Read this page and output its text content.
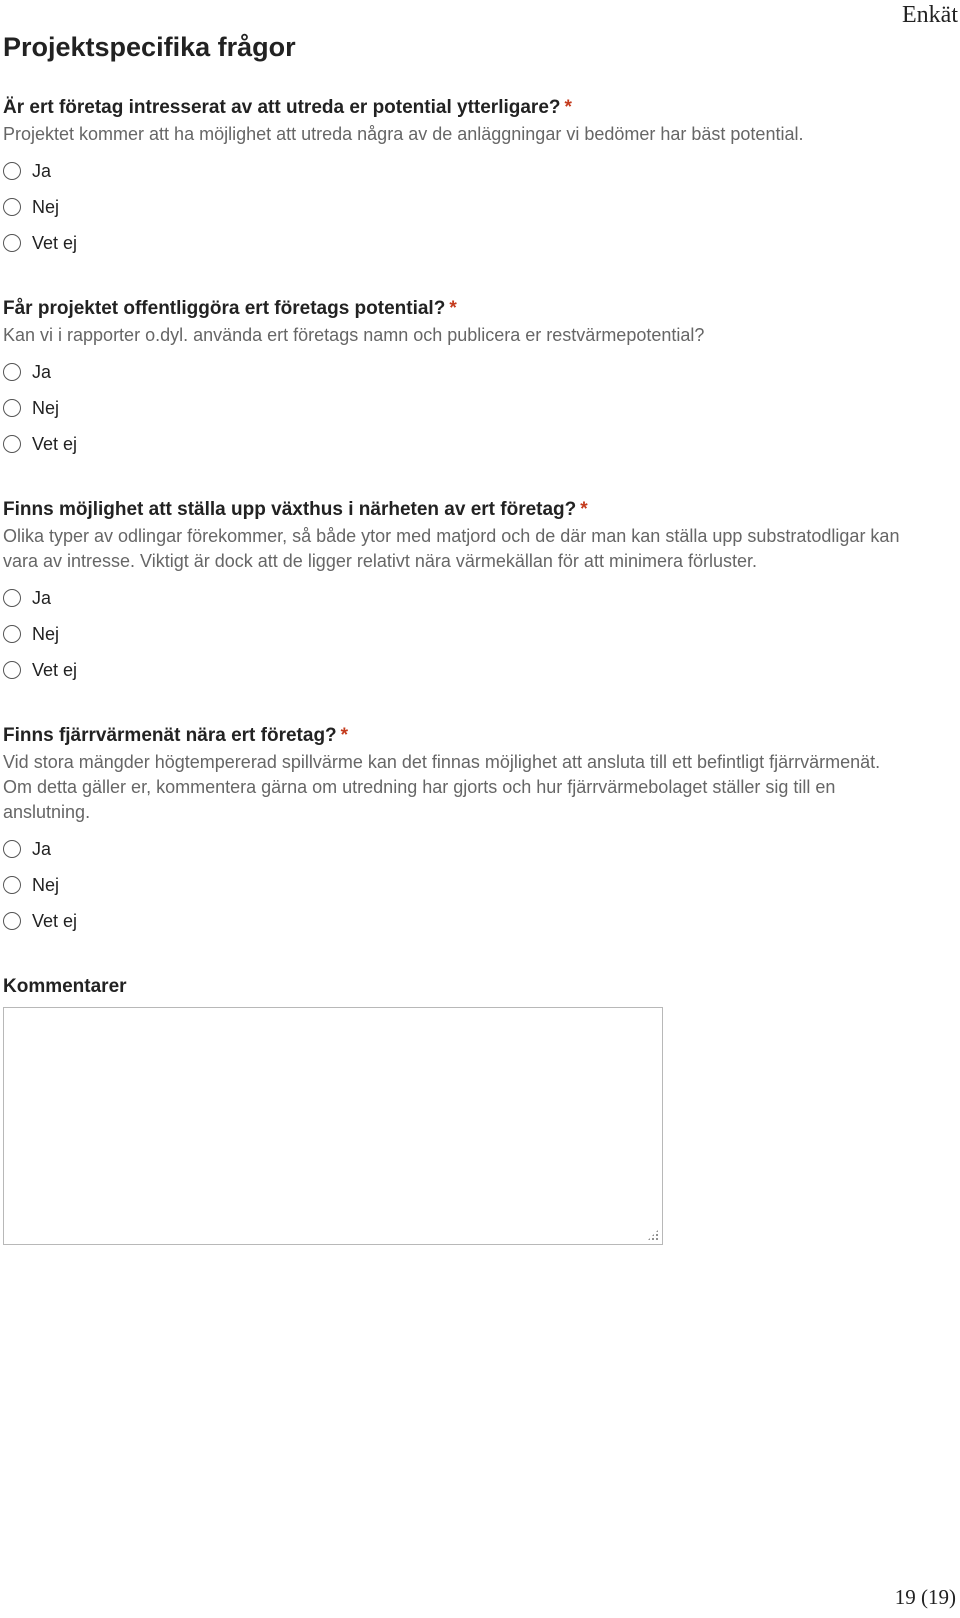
Enkät
Projektspecifika frågor
Är ert företag intresserat av att utreda er potential ytterligare? *
Projektet kommer att ha möjlighet att utreda några av de anläggningar vi bedömer har bäst potential.
Ja
Nej
Vet ej
Får projektet offentliggöra ert företags potential? *
Kan vi i rapporter o.dyl. använda ert företags namn och publicera er restvärmepotential?
Ja
Nej
Vet ej
Finns möjlighet att ställa upp växthus i närheten av ert företag? *
Olika typer av odlingar förekommer, så både ytor med matjord och de där man kan ställa upp substratodligar kan vara av intresse. Viktigt är dock att de ligger relativt nära värmekällan för att minimera förluster.
Ja
Nej
Vet ej
Finns fjärrvärmenät nära ert företag? *
Vid stora mängder högtempererad spillvärme kan det finnas möjlighet att ansluta till ett befintligt fjärrvärmenät. Om detta gäller er, kommentera gärna om utredning har gjorts och hur fjärrvärmebolaget ställer sig till en anslutning.
Ja
Nej
Vet ej
Kommentarer
19 (19)
